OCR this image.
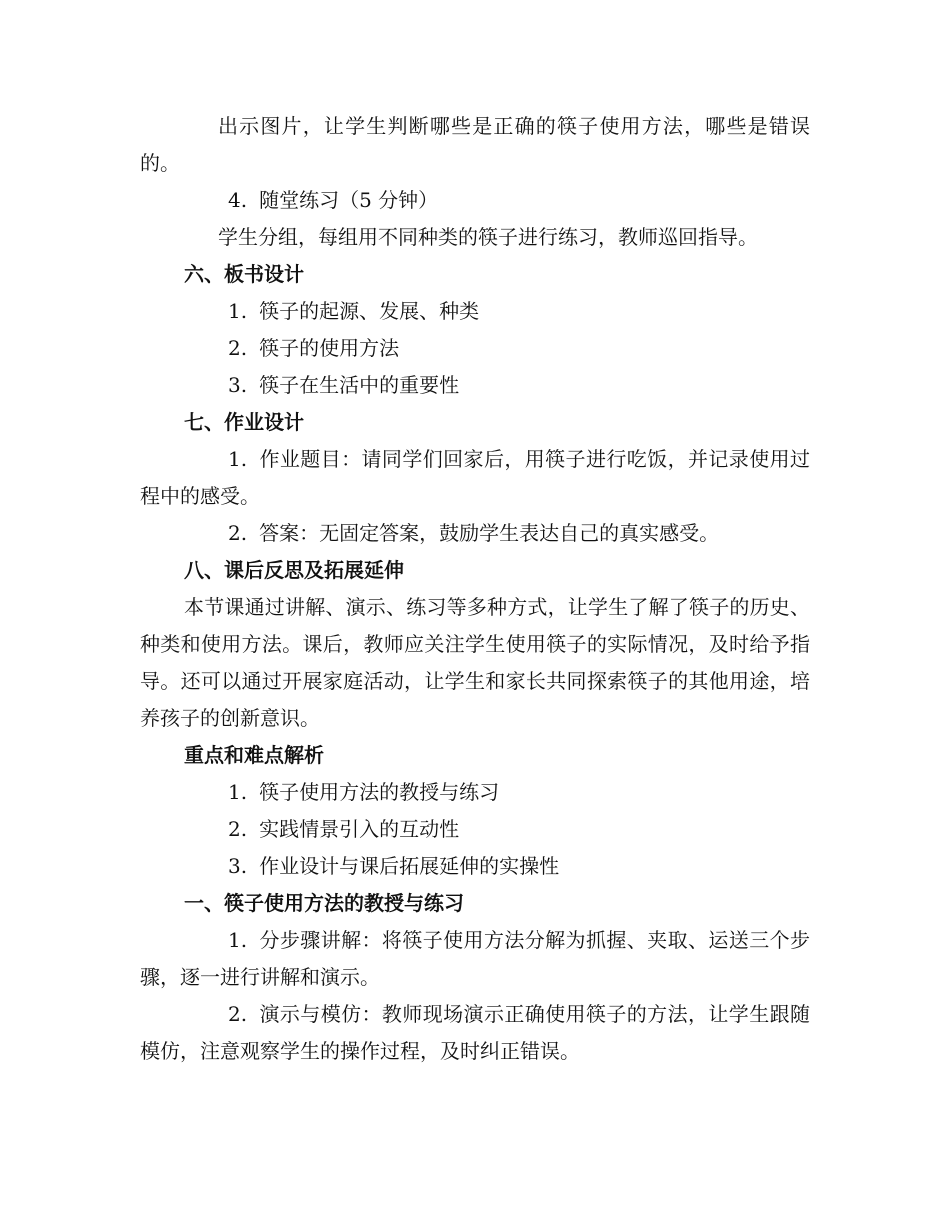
出示图片，让学生判断哪些是正确的筷子使用方法，哪些是错误的。

4. 随堂练习（5 分钟）

学生分组，每组用不同种类的筷子进行练习，教师巡回指导。

六、板书设计

1. 筷子的起源、发展、种类

2. 筷子的使用方法

3. 筷子在生活中的重要性

七、作业设计

1. 作业题目：请同学们回家后，用筷子进行吃饭，并记录使用过程中的感受。

2. 答案：无固定答案，鼓励学生表达自己的真实感受。

八、课后反思及拓展延伸

本节课通过讲解、演示、练习等多种方式，让学生了解了筷子的历史、种类和使用方法。课后，教师应关注学生使用筷子的实际情况，及时给予指导。还可以通过开展家庭活动，让学生和家长共同探索筷子的其他用途，培养孩子的创新意识。

重点和难点解析

1. 筷子使用方法的教授与练习

2. 实践情景引入的互动性

3. 作业设计与课后拓展延伸的实操性

一、筷子使用方法的教授与练习

1. 分步骤讲解：将筷子使用方法分解为抓握、夹取、运送三个步骤，逐一进行讲解和演示。

2. 演示与模仿：教师现场演示正确使用筷子的方法，让学生跟随模仿，注意观察学生的操作过程，及时纠正错误。
